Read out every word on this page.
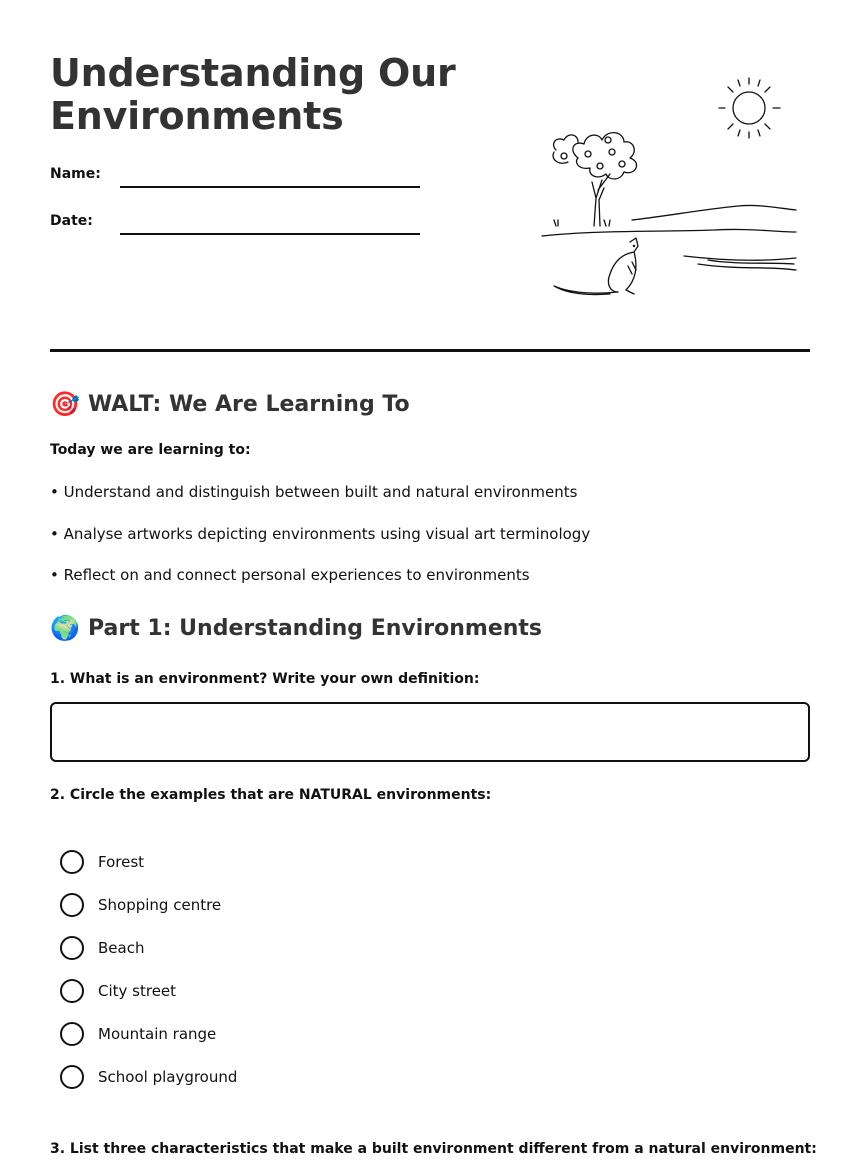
Understanding Our
Environments
Name:
Date:
🎯 WALT: We Are Learning To
Today we are learning to:
• Understand and distinguish between built and natural environments
• Analyse artworks depicting environments using visual art terminology
• Reflect on and connect personal experiences to environments
🌍 Part 1: Understanding Environments
1. What is an environment? Write your own definition:
2. Circle the examples that are NATURAL environments:
Forest
Shopping centre
Beach
City street
Mountain range
School playground
3. List three characteristics that make a built environment different from a natural environment:
